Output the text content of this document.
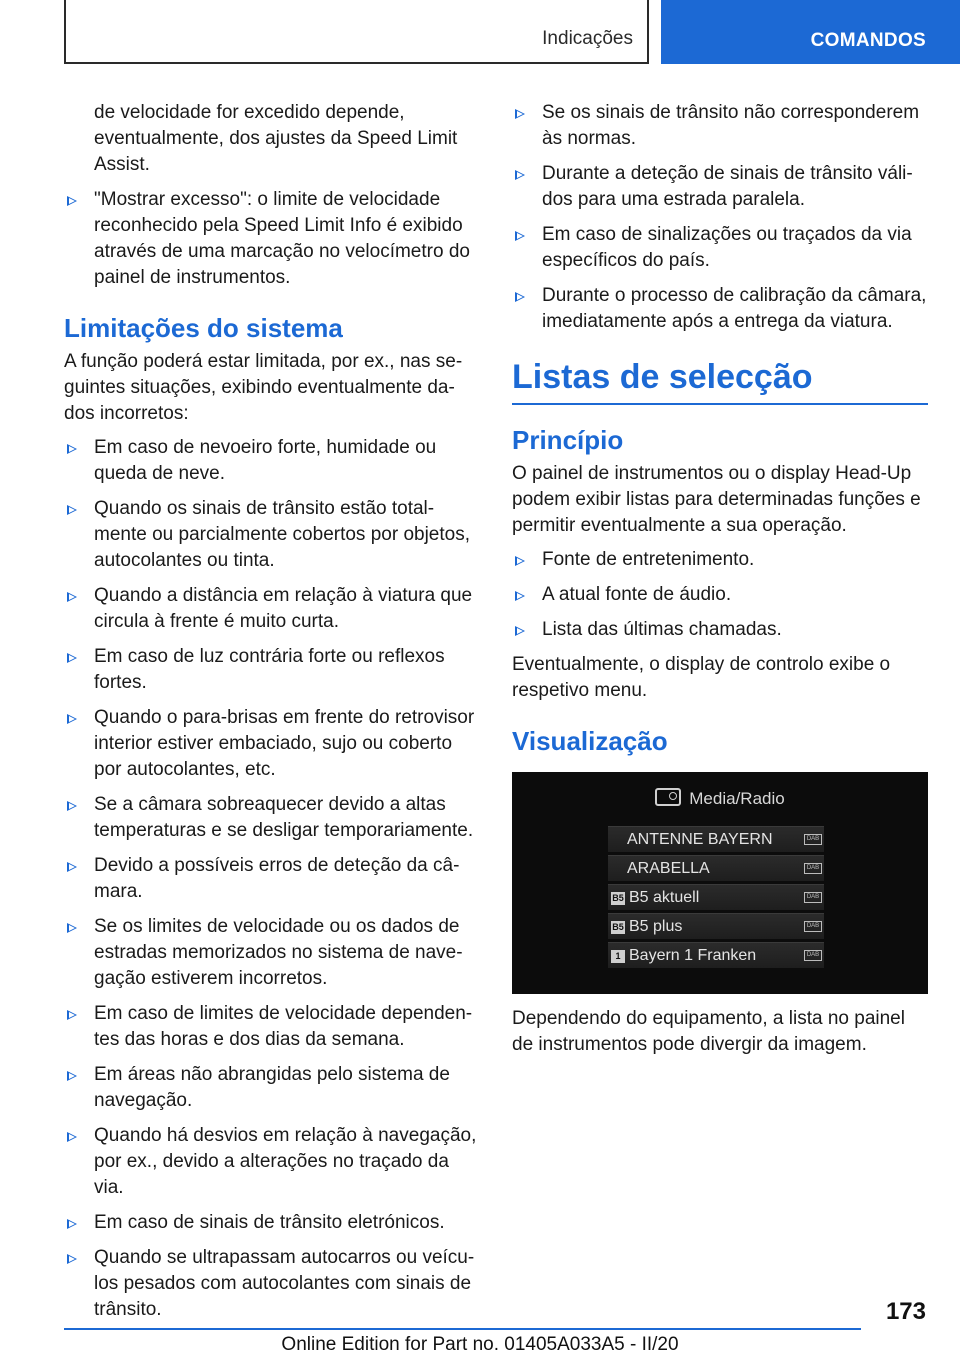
Indicações	COMANDOS

de velocidade for excedido depende, eventualmente, dos ajustes da Speed Limit Assist.

"Mostrar excesso": o limite de velocidade reconhecido pela Speed Limit Info é exibido através de uma marcação no velocímetro do painel de instrumentos.
Limitações do sistema

A função poderá estar limitada, por ex., nas seguintes situações, exibindo eventualmente dados incorretos:

Em caso de nevoeiro forte, humidade ou queda de neve.
Quando os sinais de trânsito estão totalmente ou parcialmente cobertos por objetos, autocolantes ou tinta.
Quando a distância em relação à viatura que circula à frente é muito curta.
Em caso de luz contrária forte ou reflexos fortes.
Quando o para-brisas em frente do retrovisor interior estiver embaciado, sujo ou coberto por autocolantes, etc.
Se a câmara sobreaquecer devido a altas temperaturas e se desligar temporariamente.
Devido a possíveis erros de deteção da câmara.
Se os limites de velocidade ou os dados de estradas memorizados no sistema de navegação estiverem incorretos.
Em caso de limites de velocidade dependentes das horas e dos dias da semana.
Em áreas não abrangidas pelo sistema de navegação.
Quando há desvios em relação à navegação, por ex., devido a alterações no traçado da via.
Em caso de sinais de trânsito eletrónicos.
Quando se ultrapassam autocarros ou veículos pesados com autocolantes com sinais de trânsito.
Se os sinais de trânsito não corresponderem às normas.
Durante a deteção de sinais de trânsito válidos para uma estrada paralela.
Em caso de sinalizações ou traçados da via específicos do país.
Durante o processo de calibração da câmara, imediatamente após a entrega da viatura.
Listas de selecção
Princípio

O painel de instrumentos ou o display Head-Up podem exibir listas para determinadas funções e permitir eventualmente a sua operação.

Fonte de entretenimento.
A atual fonte de áudio.
Lista das últimas chamadas.

Eventualmente, o display de controlo exibe o respetivo menu.

Visualização
Media/Radio
ANTENNE BAYERN
ARABELLA
B5 B5 aktuell
B5 B5 plus
1 Bayern 1 Franken
DAB
DAB
DAB
DAB
DAB

Dependendo do equipamento, a lista no painel de instrumentos pode divergir da imagem.

173
Online Edition for Part no. 01405A033A5 - II/20
